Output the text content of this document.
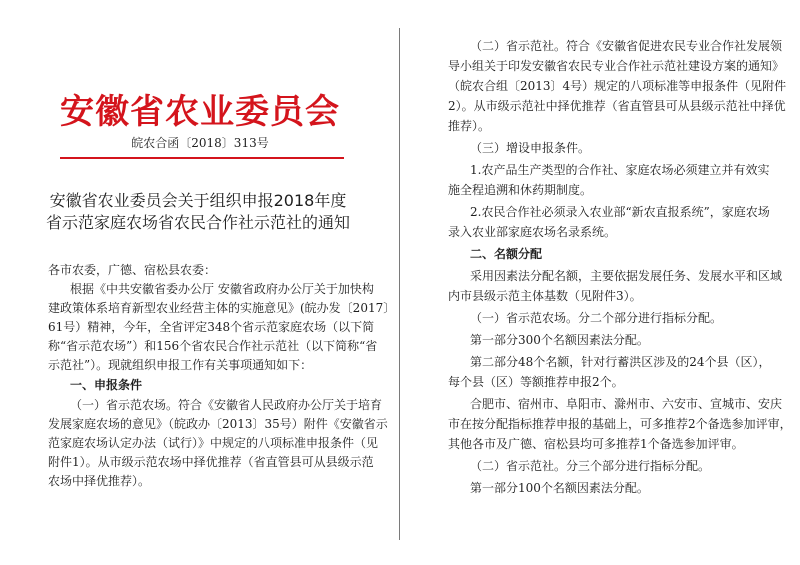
安徽省农业委员会
皖农合函〔2018〕313号
安徽省农业委员会关于组织申报2018年度
省示范家庭农场省农民合作社示范社的通知
各市农委，广德、宿松县农委：
根据《中共安徽省委办公厅 安徽省政府办公厅关于加快构
建政策体系培育新型农业经营主体的实施意见》(皖办发〔2017〕
61号）精神，今年，全省评定348个省示范家庭农场（以下简
称“省示范农场”）和156个省农民合作社示范社（以下简称“省
示范社”）。现就组织申报工作有关事项通知如下：
一、申报条件
（一）省示范农场。符合《安徽省人民政府办公厅关于培育
发展家庭农场的意见》（皖政办〔2013〕35号）附件《安徽省示
范家庭农场认定办法（试行）》中规定的八项标准申报条件（见
附件1）。从市级示范农场中择优推荐（省直管县可从县级示范
农场中择优推荐）。
（二）省示范社。符合《安徽省促进农民专业合作社发展领
导小组关于印发安徽省农民专业合作社示范社建设方案的通知》
（皖农合组〔2013〕4号）规定的八项标准等申报条件（见附件
2）。从市级示范社中择优推荐（省直管县可从县级示范社中择优
推荐）。
（三）增设申报条件。
1.农产品生产类型的合作社、家庭农场必须建立并有效实
施全程追溯和休药期制度。
2.农民合作社必须录入农业部“新农直报系统”，家庭农场
录入农业部家庭农场名录系统。
二、名额分配
采用因素法分配名额，主要依据发展任务、发展水平和区域
内市县级示范主体基数（见附件3）。
（一）省示范农场。分二个部分进行指标分配。
第一部分300个名额因素法分配。
第二部分48个名额，针对行蓄洪区涉及的24个县（区），
每个县（区）等额推荐申报2个。
合肥市、宿州市、阜阳市、滁州市、六安市、宣城市、安庆
市在按分配指标推荐申报的基础上，可多推荐2个备选参加评审，
其他各市及广德、宿松县均可多推荐1个备选参加评审。
（二）省示范社。分三个部分进行指标分配。
第一部分100个名额因素法分配。
